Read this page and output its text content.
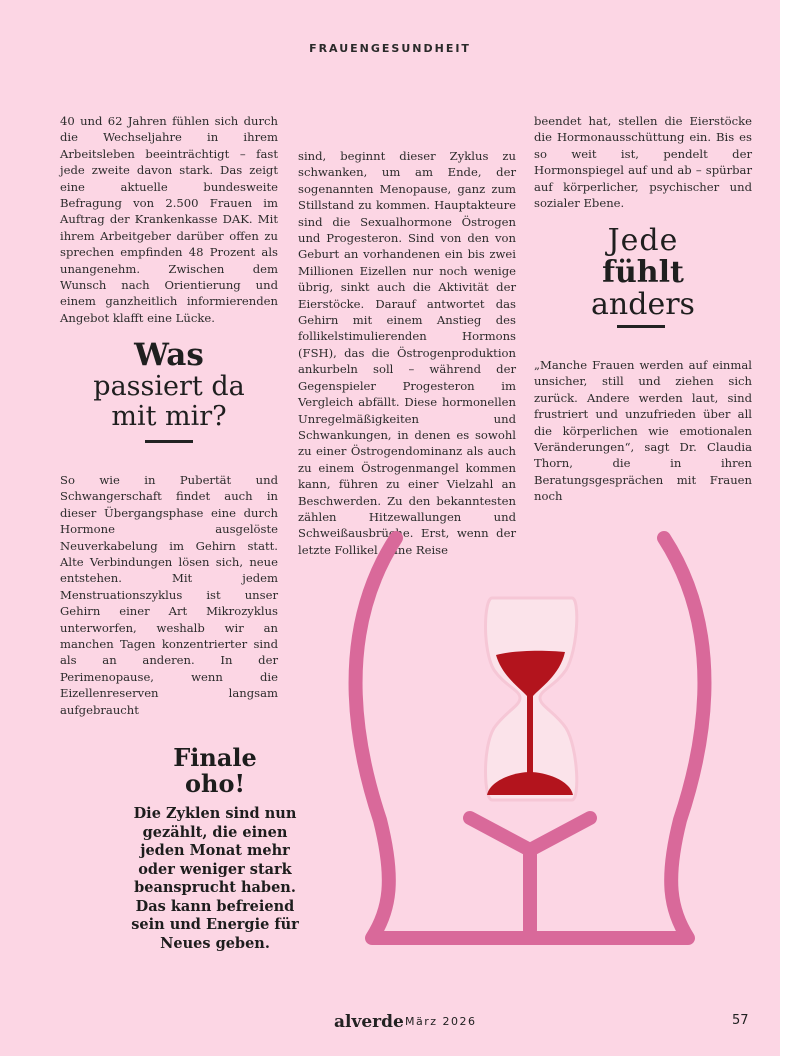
FRAUENGESUNDHEIT

40 und 62 Jahren fühlen sich durch die Wechseljahre in ihrem Arbeitsleben beeinträchtigt – fast jede zweite davon stark. Das zeigt eine aktuelle bundesweite Befragung von 2.500 Frauen im Auftrag der Krankenkasse DAK. Mit ihrem Arbeitgeber darüber offen zu sprechen empfinden 48 Prozent als unangenehm. Zwischen dem Wunsch nach Orientierung und einem ganzheitlich informierenden Angebot klafft eine Lücke.

Was
passiert da
mit mir?

So wie in Pubertät und Schwangerschaft findet auch in dieser Übergangsphase eine durch Hormone ausgelöste Neuverkabelung im Gehirn statt. Alte Verbindungen lösen sich, neue entstehen. Mit jedem Menstruationszyklus ist unser Gehirn einer Art Mikrozyklus unterworfen, weshalb wir an manchen Tagen konzentrierter sind als an anderen. In der Perimenopause, wenn die Eizellenreserven langsam aufgebraucht

sind, beginnt dieser Zyklus zu schwanken, um am Ende, der sogenannten Menopause, ganz zum Stillstand zu kommen. Hauptakteure sind die Sexualhormone Östrogen und Progesteron. Sind von den von Geburt an vorhandenen ein bis zwei Millionen Eizellen nur noch wenige übrig, sinkt auch die Aktivität der Eierstöcke. Darauf antwortet das Gehirn mit einem Anstieg des follikelstimulierenden Hormons (FSH), das die Östrogenproduktion ankurbeln soll – während der Gegenspieler Progesteron im Vergleich abfällt. Diese hormonellen Unregelmäßigkeiten und Schwankungen, in denen es sowohl zu einer Östrogendominanz als auch zu einem Östrogenmangel kommen kann, führen zu einer Vielzahl an Beschwerden. Zu den bekanntesten zählen Hitzewallungen und Schweißausbrüche. Erst, wenn der letzte Follikel seine Reise

beendet hat, stellen die Eierstöcke die Hormonausschüttung ein. Bis es so weit ist, pendelt der Hormonspiegel auf und ab – spürbar auf körperlicher, psychischer und sozialer Ebene.

Jede
fühlt
anders

„Manche Frauen werden auf einmal unsicher, still und ziehen sich zurück. Andere werden laut, sind frustriert und unzufrieden über all die körperlichen wie emotionalen Veränderungen“, sagt Dr. Claudia Thorn, die in ihren Beratungsgesprächen mit Frauen noch

Finale
oho!
Die Zyklen sind nun gezählt, die einen jeden Monat mehr oder weniger stark beansprucht haben. Das kann befreiend sein und Energie für Neues geben.
alverde März 2026	57
